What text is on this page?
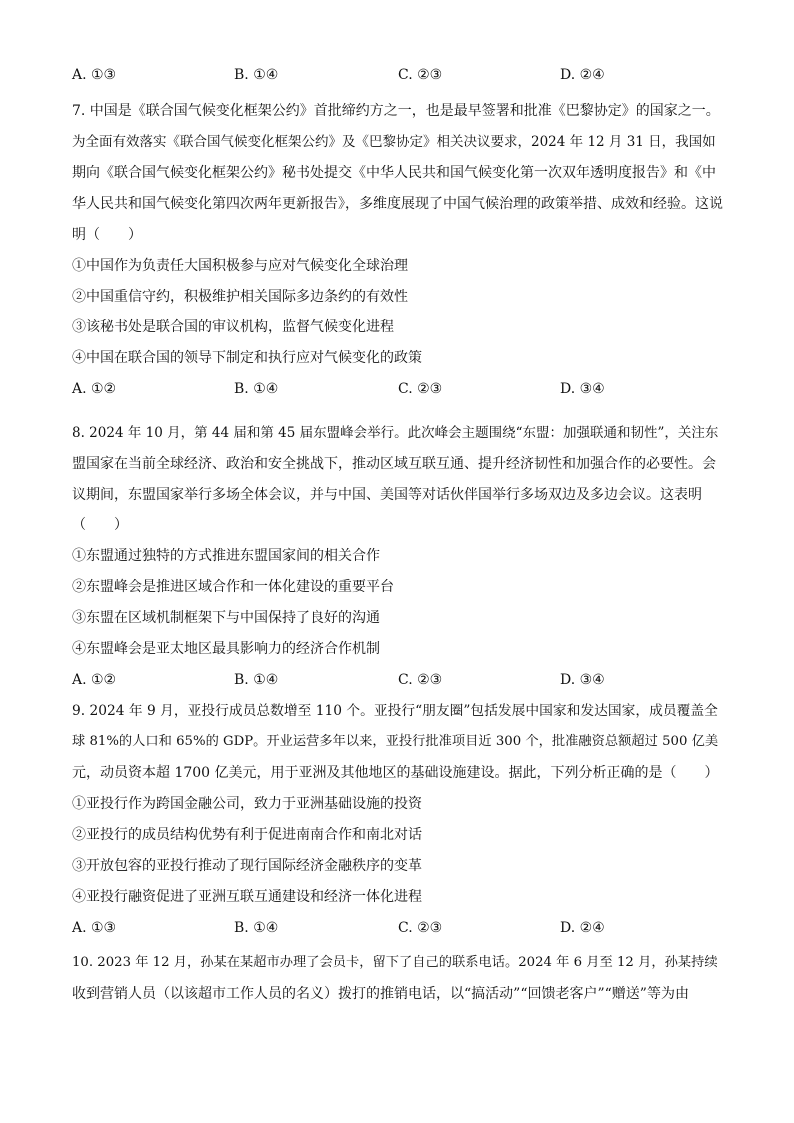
A. ①③	B. ①④	C. ②③	D. ②④
7. 中国是《联合国气候变化框架公约》首批缔约方之一，也是最早签署和批准《巴黎协定》的国家之一。
为全面有效落实《联合国气候变化框架公约》及《巴黎协定》相关决议要求，2024 年 12 月 31 日，我国如
期向《联合国气候变化框架公约》秘书处提交《中华人民共和国气候变化第一次双年透明度报告》和《中
华人民共和国气候变化第四次两年更新报告》，多维度展现了中国气候治理的政策举措、成效和经验。这说
明（　　）
①中国作为负责任大国积极参与应对气候变化全球治理
②中国重信守约，积极维护相关国际多边条约的有效性
③该秘书处是联合国的审议机构，监督气候变化进程
④中国在联合国的领导下制定和执行应对气候变化的政策
A. ①②	B. ①④	C. ②③	D. ③④
8. 2024 年 10 月，第 44 届和第 45 届东盟峰会举行。此次峰会主题围绕“东盟：加强联通和韧性”，关注东
盟国家在当前全球经济、政治和安全挑战下，推动区域互联互通、提升经济韧性和加强合作的必要性。会
议期间，东盟国家举行多场全体会议，并与中国、美国等对话伙伴国举行多场双边及多边会议。这表明
（　　）
①东盟通过独特的方式推进东盟国家间的相关合作
②东盟峰会是推进区域合作和一体化建设的重要平台
③东盟在区域机制框架下与中国保持了良好的沟通
④东盟峰会是亚太地区最具影响力的经济合作机制
A. ①②	B. ①④	C. ②③	D. ③④
9. 2024 年 9 月，亚投行成员总数增至 110 个。亚投行“朋友圈”包括发展中国家和发达国家，成员覆盖全
球 81%的人口和 65%的 GDP。开业运营多年以来，亚投行批准项目近 300 个，批准融资总额超过 500 亿美
元，动员资本超 1700 亿美元，用于亚洲及其他地区的基础设施建设。据此，下列分析正确的是（　　）
①亚投行作为跨国金融公司，致力于亚洲基础设施的投资
②亚投行的成员结构优势有利于促进南南合作和南北对话
③开放包容的亚投行推动了现行国际经济金融秩序的变革
④亚投行融资促进了亚洲互联互通建设和经济一体化进程
A. ①③	B. ①④	C. ②③	D. ②④
10. 2023 年 12 月，孙某在某超市办理了会员卡，留下了自己的联系电话。2024 年 6 月至 12 月，孙某持续
收到营销人员（以该超市工作人员的名义）拨打的推销电话，以“搞活动”“回馈老客户”“赠送”等为由
